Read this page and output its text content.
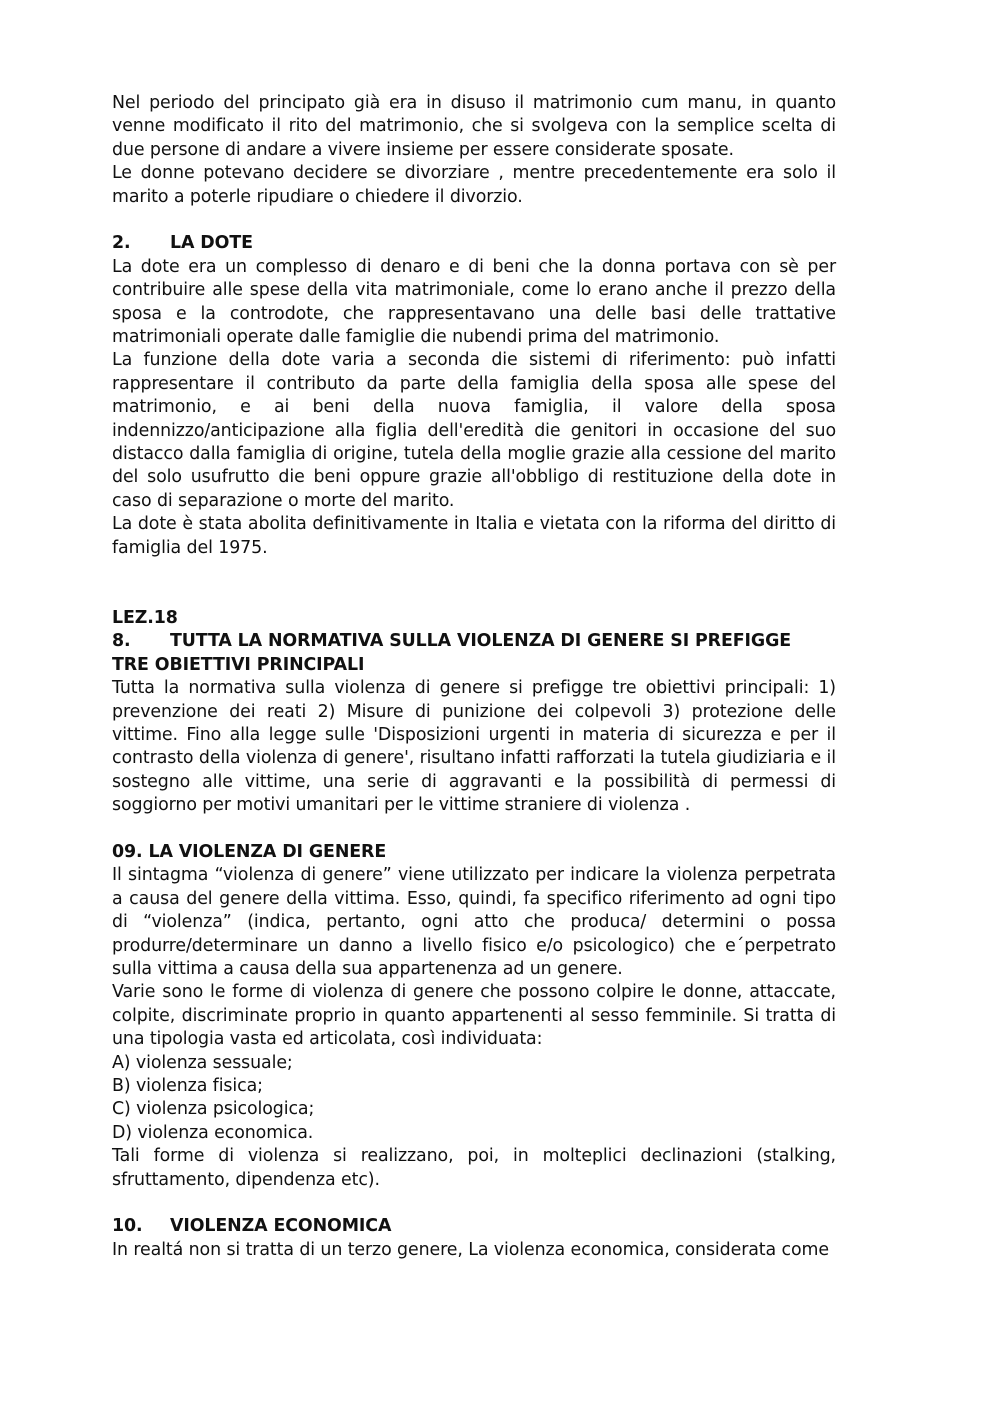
Nel periodo del principato già era in disuso il matrimonio cum manu, in quanto venne modificato il rito del matrimonio, che si svolgeva con la semplice scelta di due persone di andare a vivere insieme per essere considerate sposate.

Le donne potevano decidere se divorziare , mentre precedentemente era solo il marito a poterle ripudiare o chiedere il divorzio.

2. LA DOTE

La dote era un complesso di denaro e di beni che la donna portava con sè per contribuire alle spese della vita matrimoniale, come lo erano anche il prezzo della sposa e la controdote, che rappresentavano una delle basi delle trattative matrimoniali operate dalle famiglie die nubendi prima del matrimonio.

La funzione della dote varia a seconda die sistemi di riferimento: può infatti rappresentare il contributo da parte della famiglia della sposa alle spese del matrimonio, e ai beni della nuova famiglia, il valore della sposa indennizzo/anticipazione alla figlia dell'eredità die genitori in occasione del suo distacco dalla famiglia di origine, tutela della moglie grazie alla cessione del marito del solo usufrutto die beni oppure grazie all'obbligo di restituzione della dote in caso di separazione o morte del marito.

La dote è stata abolita definitivamente in Italia e vietata con la riforma del diritto di famiglia del 1975.

LEZ.18

8. TUTTA LA NORMATIVA SULLA VIOLENZA DI GENERE SI PREFIGGE

TRE OBIETTIVI PRINCIPALI

Tutta la normativa sulla violenza di genere si prefigge tre obiettivi principali: 1) prevenzione dei reati 2) Misure di punizione dei colpevoli 3) protezione delle vittime. Fino alla legge sulle 'Disposizioni urgenti in materia di sicurezza e per il contrasto della violenza di genere', risultano infatti rafforzati la tutela giudiziaria e il sostegno alle vittime, una serie di aggravanti e la possibilità di permessi di soggiorno per motivi umanitari per le vittime straniere di violenza .

09. LA VIOLENZA DI GENERE

Il sintagma “violenza di genere” viene utilizzato per indicare la violenza perpetrata a causa del genere della vittima. Esso, quindi, fa specifico riferimento ad ogni tipo di “violenza” (indica, pertanto, ogni atto che produca/ determini o possa produrre/determinare un danno a livello fisico e/o psicologico) che e´perpetrato sulla vittima a causa della sua appartenenza ad un genere.

Varie sono le forme di violenza di genere che possono colpire le donne, attaccate, colpite, discriminate proprio in quanto appartenenti al sesso femminile. Si tratta di una tipologia vasta ed articolata, così individuata:

A) violenza sessuale;

B) violenza fisica;

C) violenza psicologica;

D) violenza economica.

Tali forme di violenza si realizzano, poi, in molteplici declinazioni (stalking, sfruttamento, dipendenza etc).

10. VIOLENZA ECONOMICA

In realtá non si tratta di un terzo genere, La violenza economica, considerata come
